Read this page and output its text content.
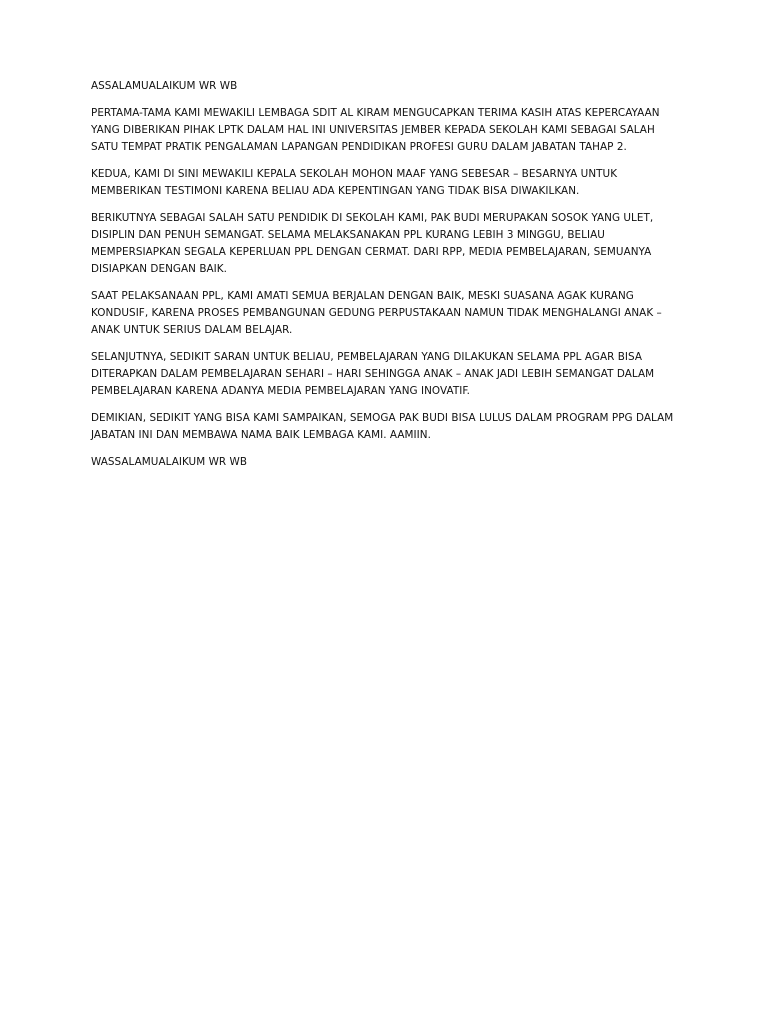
ASSALAMUALAIKUM WR WB

PERTAMA-TAMA KAMI MEWAKILI LEMBAGA SDIT AL KIRAM MENGUCAPKAN TERIMA KASIH ATAS KEPERCAYAAN YANG DIBERIKAN PIHAK LPTK DALAM HAL INI UNIVERSITAS JEMBER KEPADA SEKOLAH KAMI SEBAGAI SALAH SATU TEMPAT PRATIK PENGALAMAN LAPANGAN PENDIDIKAN PROFESI GURU DALAM JABATAN TAHAP 2.

KEDUA, KAMI DI SINI MEWAKILI KEPALA SEKOLAH MOHON MAAF YANG SEBESAR – BESARNYA UNTUK MEMBERIKAN TESTIMONI KARENA BELIAU ADA KEPENTINGAN YANG TIDAK BISA DIWAKILKAN.

BERIKUTNYA SEBAGAI SALAH SATU PENDIDIK DI SEKOLAH KAMI, PAK BUDI MERUPAKAN SOSOK YANG ULET, DISIPLIN DAN PENUH SEMANGAT. SELAMA MELAKSANAKAN PPL KURANG LEBIH 3 MINGGU, BELIAU MEMPERSIAPKAN SEGALA KEPERLUAN PPL DENGAN CERMAT. DARI RPP, MEDIA PEMBELAJARAN, SEMUANYA DISIAPKAN DENGAN BAIK.

SAAT PELAKSANAAN PPL, KAMI AMATI SEMUA BERJALAN DENGAN BAIK, MESKI SUASANA AGAK KURANG KONDUSIF, KARENA PROSES PEMBANGUNAN GEDUNG PERPUSTAKAAN NAMUN TIDAK MENGHALANGI ANAK – ANAK UNTUK SERIUS DALAM BELAJAR.

SELANJUTNYA, SEDIKIT SARAN UNTUK BELIAU, PEMBELAJARAN YANG DILAKUKAN SELAMA PPL AGAR BISA DITERAPKAN DALAM PEMBELAJARAN SEHARI – HARI SEHINGGA ANAK – ANAK JADI LEBIH SEMANGAT DALAM PEMBELAJARAN KARENA ADANYA MEDIA PEMBELAJARAN YANG INOVATIF.

DEMIKIAN, SEDIKIT YANG BISA KAMI SAMPAIKAN, SEMOGA PAK BUDI BISA LULUS DALAM PROGRAM PPG DALAM JABATAN INI DAN MEMBAWA NAMA BAIK LEMBAGA KAMI. AAMIIN.

WASSALAMUALAIKUM WR WB
